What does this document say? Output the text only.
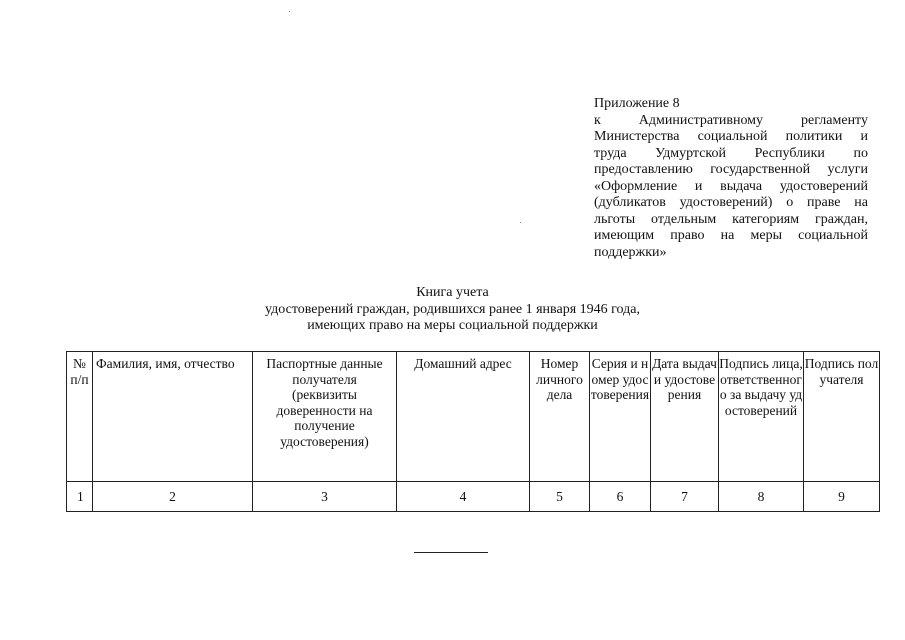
Приложение 8
к Административному регламенту
Министерства социальной политики и
труда Удмуртской Республики по
предоставлению государственной услуги
«Оформление и выдача удостоверений
(дубликатов удостоверений) о праве на
льготы отдельным категориям граждан,
имеющим право на меры социальной
поддержки»
Книга учета
удостоверений граждан, родившихся ранее 1 января 1946 года,
имеющих право на меры социальной поддержки
№ п/п	Фамилия, имя, отчество	Паспортные данные получателя (реквизиты доверенности на получение удостоверения)	Домашний адрес	Номер личного дела	Серия и номер удостоверения	Дата выдачи удостоверения	Подпись лица, ответственного за выдачу удостоверений	Подпись получателя
1	2	3	4	5	6	7	8	9
